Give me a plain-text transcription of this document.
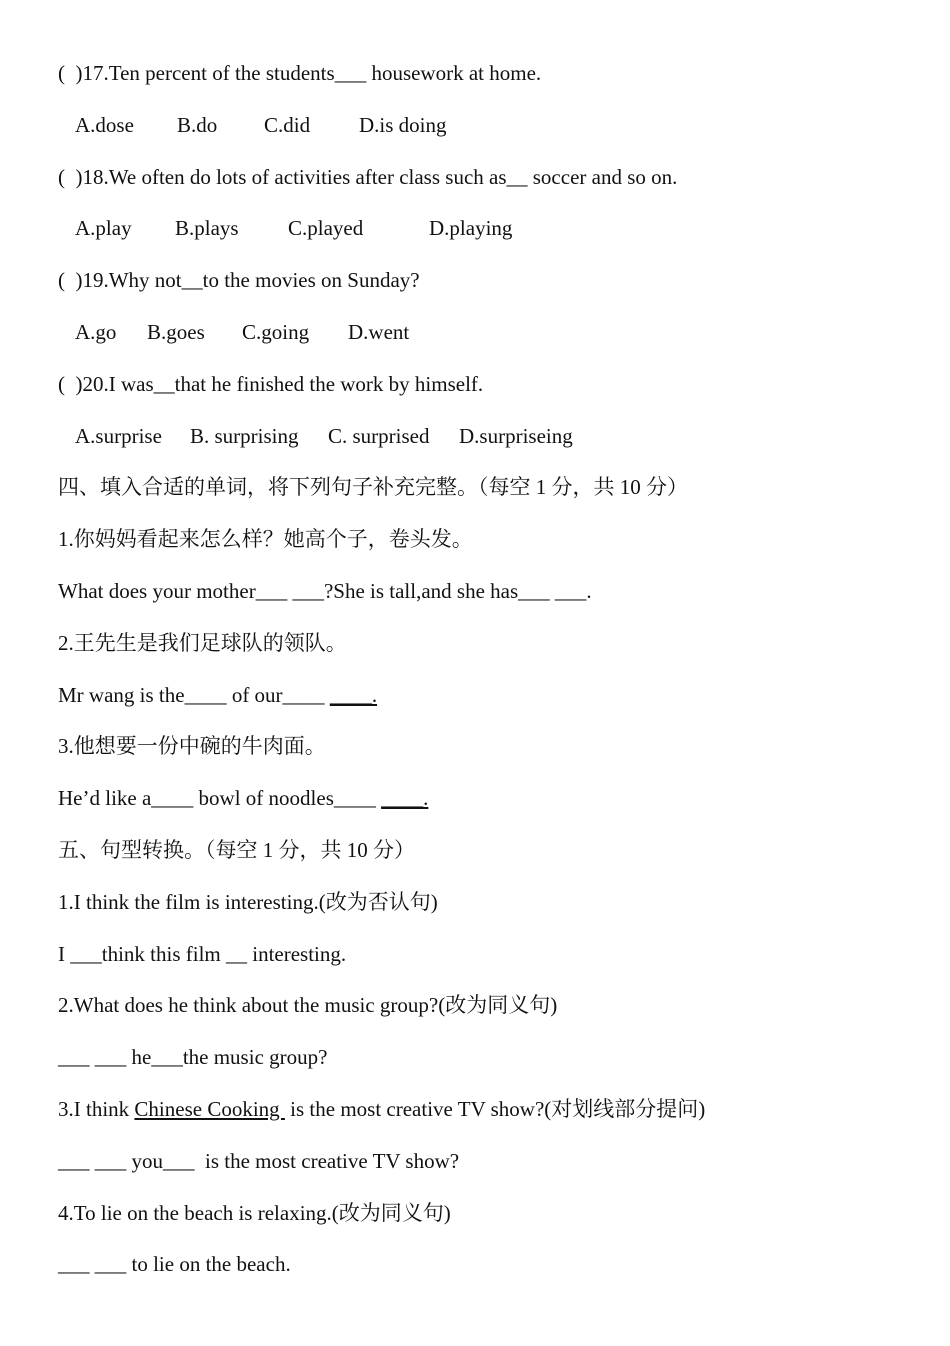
(  )17.Ten percent of the students___ housework at home.
A.dose B.do C.did D.is doing
(  )18.We often do lots of activities after class such as__ soccer and so on.
A.play B.plays C.played	D.playing
(  )19.Why not__to the movies on Sunday?
A.go B.goes C.going D.went
(  )20.I was__that he finished the work by himself.
A.surprise B. surprising C. surprised D.surpriseing
四、填入合适的单词，将下列句子补充完整。（每空 1 分，共 10 分）
1.你妈妈看起来怎么样？她高个子，卷头发。
What does your mother___ ___?She is tall,and she has___ ___.
2.王先生是我们足球队的领队。
Mr wang is the____ of our____ ____.
3.他想要一份中碗的牛肉面。
He’d like a____ bowl of noodles____ ____.
五、句型转换。（每空 1 分，共 10 分）
1.I think the film is interesting.(改为否认句)
I ___think this film __ interesting.
2.What does he think about the music group?(改为同义句)
___ ___ he___the music group?
3.I think Chinese Cooking  is the most creative TV show?(对划线部分提问)
___ ___ you___  is the most creative TV show?
4.To lie on the beach is relaxing.(改为同义句)
___ ___ to lie on the beach.
